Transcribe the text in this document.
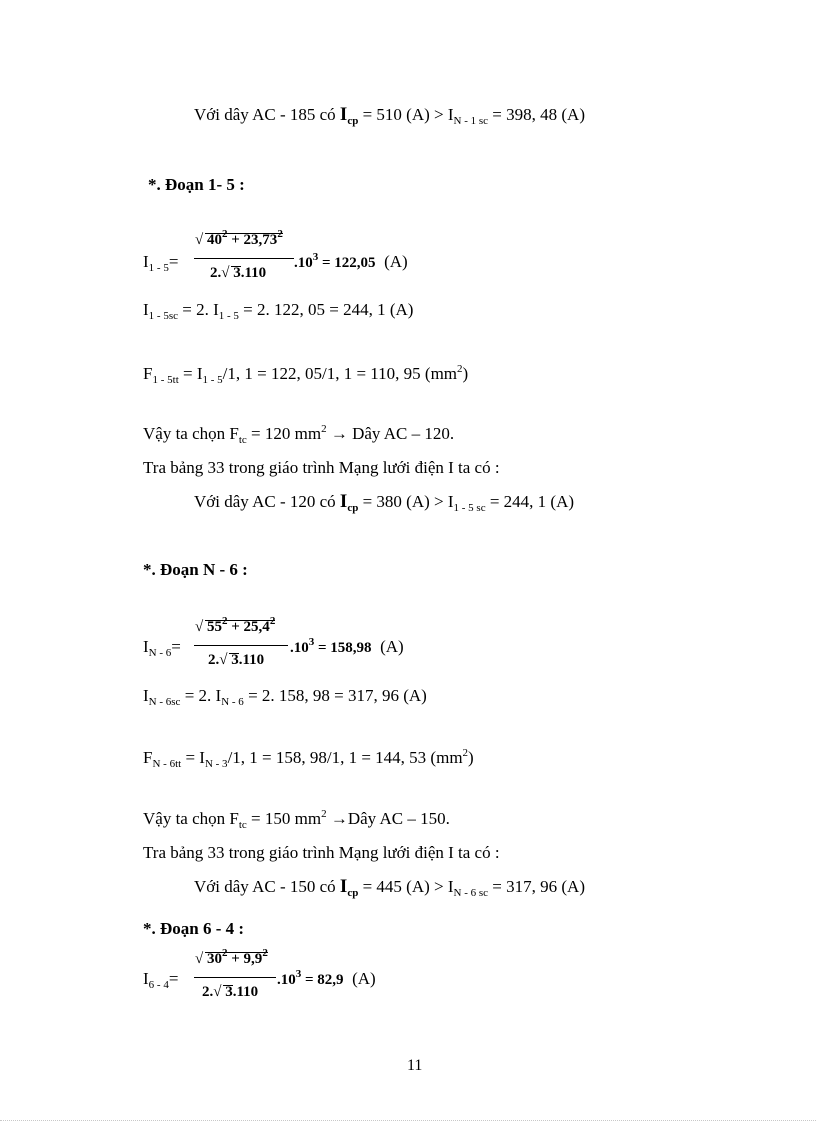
Với dây AC - 185 có $I_{cp} = 510$ $(A) > I_{N - 1 sc} = 398$, 48 (A)
*. Đoạn 1- 5 :
$I_{1 - 5}=$
√ $40^2 + 23,73^2$
2. √ 3.110
$.10^3 = 122,05$ (A)
$I_{1 - 5sc} = 2$. $I_{1 - 5} = 2$. 122, 05 = 244, 1 (A)
$F_{1 - 5tt} = I_{1 - 5}/1$, 1 = 122, 05/1, 1 = 110, 95 $(mm^2)$
Vậy ta chọn $F_{tc} = 120$ $mm^2$ → Dây AC – 120.
Tra bảng 33 trong giáo trình Mạng lưới điện I ta có :
Với dây AC - 120 có $I_{cp} = 380$ $(A) > I_{1 - 5 sc} = 244$, 1 (A)
*. Đoạn N - 6 :
$I_{N - 6}=$
√ $55^2 + 25,4^2$
2. √ 3.110
$.10^3 = 158,98$ (A)
$I_{N - 6sc} = 2$. $I_{N - 6} = 2$. 158, 98 = 317, 96 (A)
$F_{N - 6tt} = I_{N - 3}/1$, 1 = 158, 98/1, 1 = 144, 53 $(mm^2)$
Vậy ta chọn $F_{tc} = 150$ $mm^2$ →Dây AC – 150.
Tra bảng 33 trong giáo trình Mạng lưới điện I ta có :
Với dây AC - 150 có $I_{cp} = 445$ $(A) > I_{N - 6 sc} = 317$, 96 (A)
*. Đoạn 6 - 4 :
$I_{6 - 4}=$
√ $30^2 + 9,9^2$
2. √ 3.110
$.10^3 = 82,9$ (A)
11
